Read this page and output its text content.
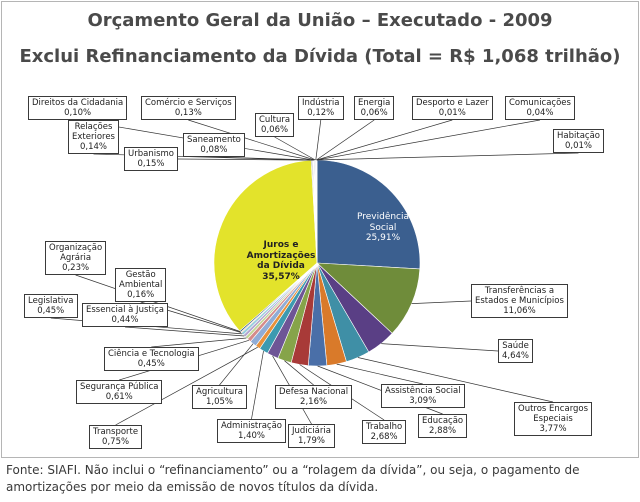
Orçamento Geral da União – Executado - 2009
Exclui Refinanciamento da Dívida (Total = R$ 1,068 trilhão)
Direitos da Cidadania
0,10%
Comércio e Serviços
0,13%
Cultura
0,06%
Indústria
0,12%
Energia
0,06%
Desporto e Lazer
0,01%
Comunicações
0,04%
Relações
Exteriores
0,14%
Saneamento
0,08%
Habitação
0,01%
Urbanismo
0,15%
Organização
Agrária
0,23%
Gestão
Ambiental
0,16%	Transferências a
Estados e Municípios
11,06%
Legislativa
0,45%	Essencial à Justiça
0,44%
Saúde
4,64%
Ciência e Tecnologia
0,45%
Segurança Pública
0,61%	Agricultura
1,05%
Defesa Nacional
2,16%
Assistência Social
3,09%
Outros Encargos
Especiais
3,77%
Transporte
0,75%
Administração
1,40%	Judiciária
1,79%
Trabalho
2,68%
Educação
2,88%
Previdência
Social
25,91%
Juros e
Amortizações
da Dívida
35,57%
Fonte: SIAFI. Não inclui o “refinanciamento” ou a “rolagem da dívida”, ou seja, o pagamento de amortizações por meio da emissão de novos títulos da dívida.
